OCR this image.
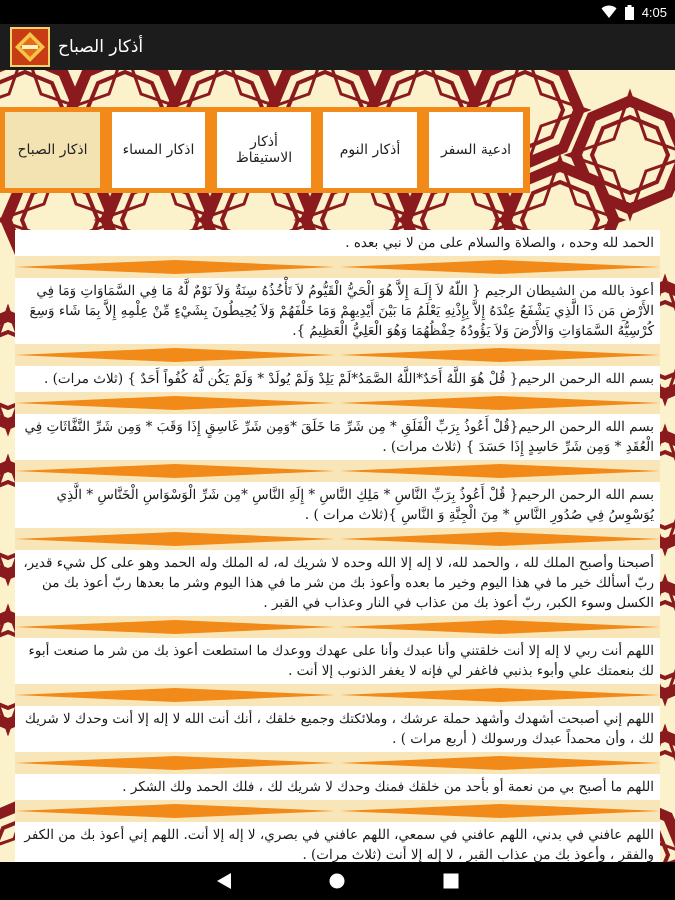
4:05
أذكار الصباح
اذكار الصباح	اذكار المساء	أذكار الاستيقاظ	أذكار النوم	ادعية السفر
الحمد لله وحده ، والصلاة والسلام على من لا نبي بعده .
أعوذ بالله من الشيطان الرجيم { اللّهُ لاَ إِلَـهَ إِلاَّ هُوَ الْحَيُّ الْقَيُّومُ لاَ تَأْخُذُهُ سِنَةٌ وَلاَ نَوْمٌ لَّهُ مَا فِي السَّمَاوَاتِ وَمَا فِي الأَرْضِ مَن ذَا الَّذِي يَشْفَعُ عِنْدَهُ إِلاَّ بِإِذْنِهِ يَعْلَمُ مَا بَيْنَ أَيْدِيهِمْ وَمَا خَلْفَهُمْ وَلاَ يُحِيطُونَ بِشَيْءٍ مِّنْ عِلْمِهِ إِلاَّ بِمَا شَاء وَسِعَ كُرْسِيُّهُ السَّمَاوَاتِ وَالأَرْضَ وَلاَ يَؤُودُهُ حِفْظُهُمَا وَهُوَ الْعَلِيُّ الْعَظِيمُ }.
بسم الله الرحمن الرحيم{ قُلْ هُوَ اللَّهُ أَحَدٌ*اللَّهُ الصَّمَدُ*لَمْ يَلِدْ وَلَمْ يُولَدْ * وَلَمْ يَكُن لَّهُ كُفُواً أَحَدٌ } (ثلاث مرات) .
بسم الله الرحمن الرحيم{قُلْ أَعُوذُ بِرَبِّ الْفَلَقِ * مِن شَرِّ مَا خَلَقَ *وَمِن شَرِّ غَاسِقٍ إِذَا وَقَبَ * وَمِن شَرِّ النَّفَّاثَاتِ فِي الْعُقَدِ * وَمِن شَرِّ حَاسِدٍ إِذَا حَسَدَ } (ثلاث مرات) .
بسم الله الرحمن الرحيم{ قُلْ أَعُوذُ بِرَبِّ النَّاسِ * مَلِكِ النَّاسِ * إِلَهِ النَّاسِ *مِن شَرِّ الْوَسْوَاسِ الْخَنَّاسِ * الَّذِي يُوَسْوِسُ فِي صُدُورِ النَّاسِ * مِنَ الْجِنَّةِ وَ النَّاسِ }(ثلاث مرات ) .
أصبحنا وأصبح الملك لله ، والحمد لله، لا إله إلا الله وحده لا شريك له، له الملك وله الحمد وهو على كل شيء قدير، ربّ أسألك خير ما في هذا اليوم وخير ما بعده وأعوذ بك من شر ما في هذا اليوم وشر ما بعدها ربّ أعوذ بك من الكسل وسوء الكبر، ربّ أعوذ بك من عذاب في النار وعذاب في القبر .
اللهم أنت ربي لا إله إلا أنت خلقتني وأنا عبدك وأنا على عهدك ووعدك ما استطعت أعوذ بك من شر ما صنعت أبوء لك بنعمتك علي وأبوء بذنبي فاغفر لي فإنه لا يغفر الذنوب إلا أنت .
اللهم إني أصبحت أشهدك وأشهد حملة عرشك ، وملائكتك وجميع خلقك ، أنك أنت الله لا إله إلا أنت وحدك لا شريك لك ، وأن محمداً عبدك ورسولك ( أربع مرات ) .
اللهم ما أصبح بي من نعمة أو بأحد من خلقك فمنك وحدك لا شريك لك ، فلك الحمد ولك الشكر .
اللهم عافني في بدني، اللهم عافني في سمعي، اللهم عافني في بصري، لا إله إلا أنت. اللهم إني أعوذ بك من الكفر والفقر ، وأعوذ بك من عذاب القبر ، لا إله إلا أنت (ثلاث مرات) .
